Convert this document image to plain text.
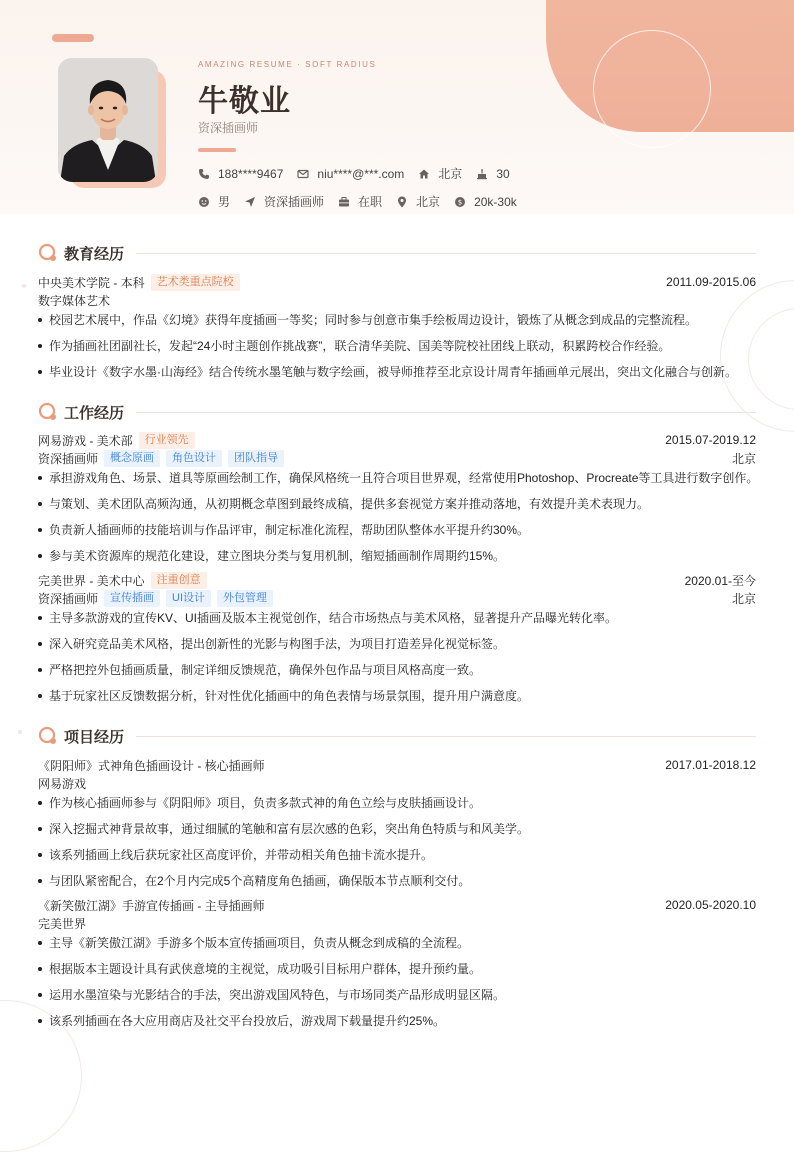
AMAZING RESUME · SOFT RADIUS
牛敬业
资深插画师
188****9467	niu****@***.com	北京	30
男	资深插画师	在职	北京	$ 20k-30k
教育经历
中央美术学院 - 本科	艺术类重点院校	2011.09-2015.06
数字媒体艺术
校园艺术展中，作品《幻境》获得年度插画一等奖；同时参与创意市集手绘板周边设计，锻炼了从概念到成品的完整流程。
作为插画社团副社长，发起“24小时主题创作挑战赛”，联合清华美院、国美等院校社团线上联动，积累跨校合作经验。
毕业设计《数字水墨·山海经》结合传统水墨笔触与数字绘画，被导师推荐至北京设计周青年插画单元展出，突出文化融合与创新。
工作经历
网易游戏 - 美术部	行业领先	2015.07-2019.12
资深插画师	概念原画	角色设计	团队指导	北京
承担游戏角色、场景、道具等原画绘制工作，确保风格统一且符合项目世界观，经常使用Photoshop、Procreate等工具进行数字创作。
与策划、美术团队高频沟通，从初期概念草图到最终成稿，提供多套视觉方案并推动落地，有效提升美术表现力。
负责新人插画师的技能培训与作品评审，制定标准化流程，帮助团队整体水平提升约30%。
参与美术资源库的规范化建设，建立图块分类与复用机制，缩短插画制作周期约15%。
完美世界 - 美术中心	注重创意	2020.01-至今
资深插画师	宣传插画	UI设计	外包管理	北京
主导多款游戏的宣传KV、UI插画及版本主视觉创作，结合市场热点与美术风格，显著提升产品曝光转化率。
深入研究竞品美术风格，提出创新性的光影与构图手法，为项目打造差异化视觉标签。
严格把控外包插画质量，制定详细反馈规范，确保外包作品与项目风格高度一致。
基于玩家社区反馈数据分析，针对性优化插画中的角色表情与场景氛围，提升用户满意度。
项目经历
《阴阳师》式神角色插画设计 - 核心插画师	2017.01-2018.12
网易游戏
作为核心插画师参与《阴阳师》项目，负责多款式神的角色立绘与皮肤插画设计。
深入挖掘式神背景故事，通过细腻的笔触和富有层次感的色彩，突出角色特质与和风美学。
该系列插画上线后获玩家社区高度评价，并带动相关角色抽卡流水提升。
与团队紧密配合，在2个月内完成5个高精度角色插画，确保版本节点顺利交付。
《新笑傲江湖》手游宣传插画 - 主导插画师	2020.05-2020.10
完美世界
主导《新笑傲江湖》手游多个版本宣传插画项目，负责从概念到成稿的全流程。
根据版本主题设计具有武侠意境的主视觉，成功吸引目标用户群体，提升预约量。
运用水墨渲染与光影结合的手法，突出游戏国风特色，与市场同类产品形成明显区隔。
该系列插画在各大应用商店及社交平台投放后，游戏周下载量提升约25%。
